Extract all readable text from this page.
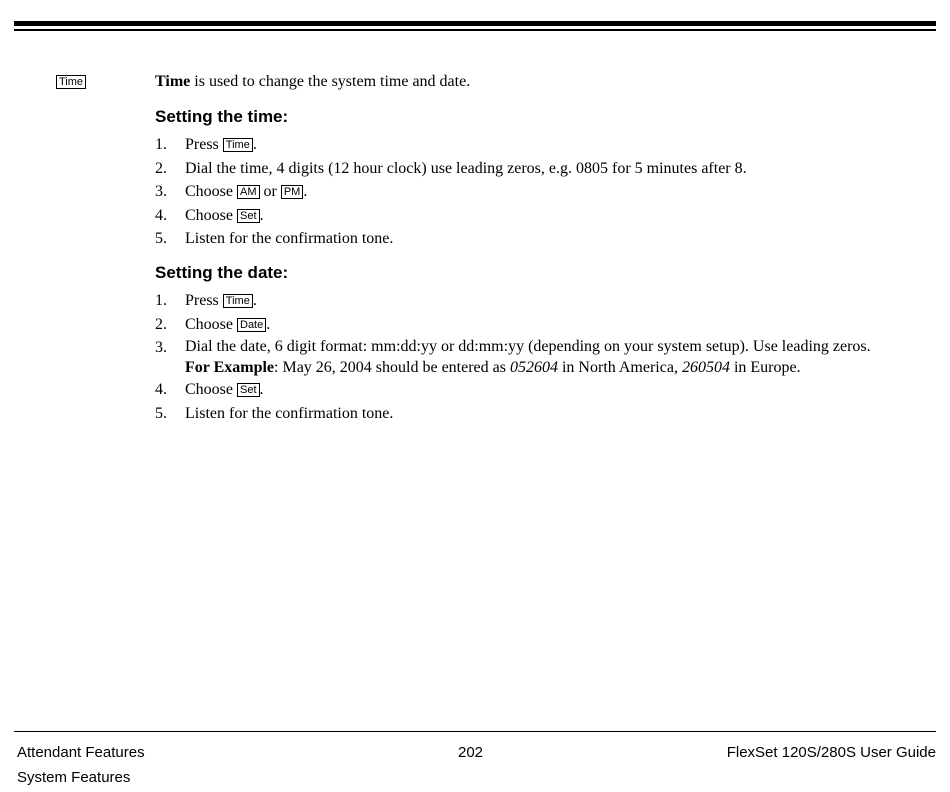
Time	Time is used to change the system time and date.
Setting the time:
1. Press Time .
2. Dial the time, 4 digits (12 hour clock) use leading zeros, e.g. 0805 for 5 minutes after 8.
3. Choose AM or PM .
4. Choose Set .
5. Listen for the confirmation tone.
Setting the date:
1. Press Time .
2. Choose Date .
3. Dial the date, 6 digit format: mm:dd:yy or dd:mm:yy (depending on your system setup). Use leading zeros.
For Example: May 26, 2004 should be entered as 052604 in North America, 260504 in Europe.
4. Choose Set .
5. Listen for the confirmation tone.
Attendant Features
System Features
202	FlexSet 120S/280S User Guide
